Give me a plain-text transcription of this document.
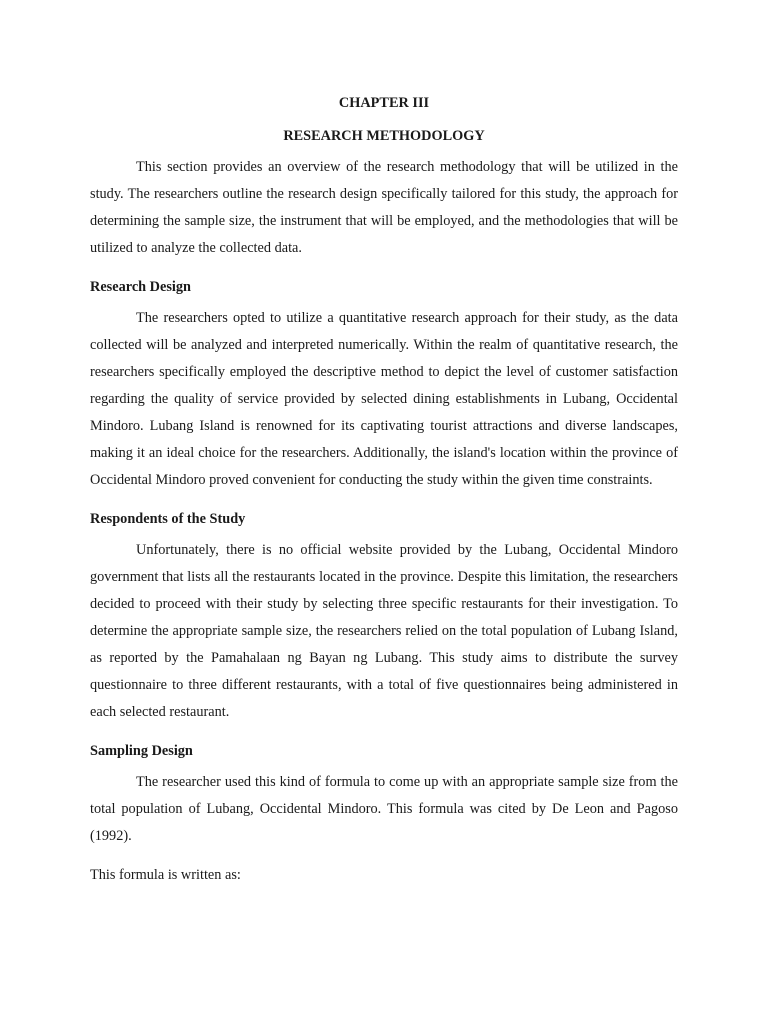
CHAPTER III

RESEARCH METHODOLOGY

This section provides an overview of the research methodology that will be utilized in the study. The researchers outline the research design specifically tailored for this study, the approach for determining the sample size, the instrument that will be employed, and the methodologies that will be utilized to analyze the collected data.

Research Design

The researchers opted to utilize a quantitative research approach for their study, as the data collected will be analyzed and interpreted numerically. Within the realm of quantitative research, the researchers specifically employed the descriptive method to depict the level of customer satisfaction regarding the quality of service provided by selected dining establishments in Lubang, Occidental Mindoro. Lubang Island is renowned for its captivating tourist attractions and diverse landscapes, making it an ideal choice for the researchers. Additionally, the island's location within the province of Occidental Mindoro proved convenient for conducting the study within the given time constraints.

Respondents of the Study

Unfortunately, there is no official website provided by the Lubang, Occidental Mindoro government that lists all the restaurants located in the province. Despite this limitation, the researchers decided to proceed with their study by selecting three specific restaurants for their investigation. To determine the appropriate sample size, the researchers relied on the total population of Lubang Island, as reported by the Pamahalaan ng Bayan ng Lubang. This study aims to distribute the survey questionnaire to three different restaurants, with a total of five questionnaires being administered in each selected restaurant.

Sampling Design

The researcher used this kind of formula to come up with an appropriate sample size from the total population of Lubang, Occidental Mindoro. This formula was cited by De Leon and Pagoso (1992).

This formula is written as:
